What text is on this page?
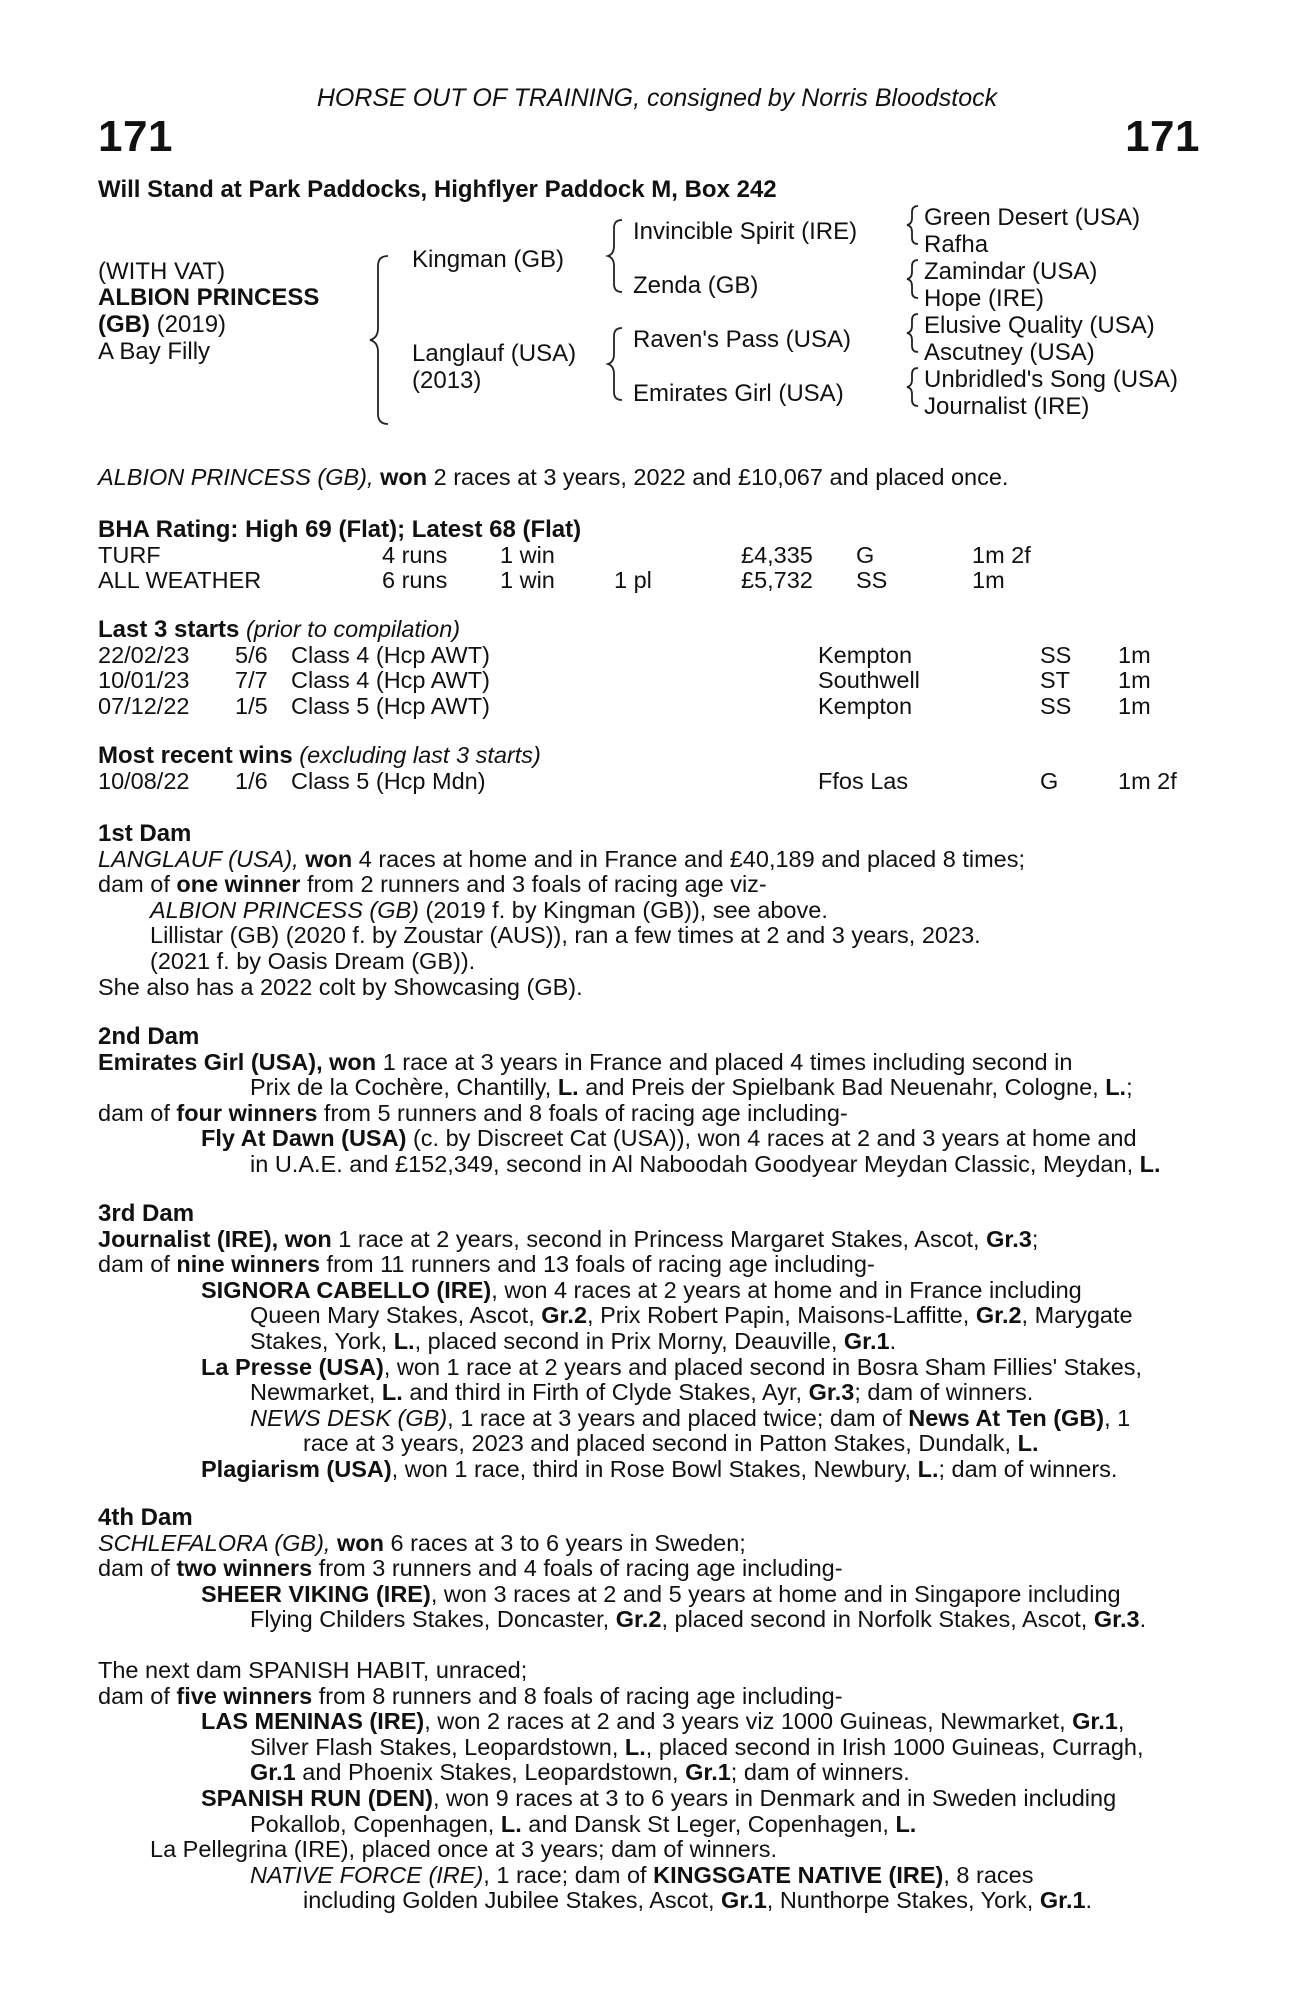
HORSE OUT OF TRAINING, consigned by Norris Bloodstock
171	171
Will Stand at Park Paddocks, Highflyer Paddock M, Box 242
(WITH VAT)
ALBION PRINCESS
(GB) (2019)
A Bay Filly
Kingman (GB)
Langlauf (USA)
(2013)
Invincible Spirit (IRE)
Zenda (GB)
Raven's Pass (USA)
Emirates Girl (USA)
Green Desert (USA)
Rafha
Zamindar (USA)
Hope (IRE)
Elusive Quality (USA)
Ascutney (USA)
Unbridled's Song (USA)
Journalist (IRE)
ALBION PRINCESS (GB), won 2 races at 3 years, 2022 and £10,067 and placed once.
BHA Rating: High 69 (Flat); Latest 68 (Flat)
TURF	4 runs 1 win	£4,335 G	1m 2f
ALL WEATHER	6 runs 1 win	1 pl	£5,732 SS	1m
Last 3 starts (prior to compilation)
22/02/23 5/6 Class 4 (Hcp AWT)	Kempton	SS 1m
10/01/23 7/7 Class 4 (Hcp AWT)	Southwell	ST 1m
07/12/22 1/5 Class 5 (Hcp AWT)	Kempton	SS 1m
Most recent wins (excluding last 3 starts)
10/08/22 1/6 Class 5 (Hcp Mdn)	Ffos Las	G	1m 2f
1st Dam
LANGLAUF (USA), won 4 races at home and in France and £40,189 and placed 8 times;
dam of one winner from 2 runners and 3 foals of racing age viz-
ALBION PRINCESS (GB) (2019 f. by Kingman (GB)), see above.
Lillistar (GB) (2020 f. by Zoustar (AUS)), ran a few times at 2 and 3 years, 2023.
(2021 f. by Oasis Dream (GB)).
She also has a 2022 colt by Showcasing (GB).
2nd Dam
Emirates Girl (USA), won 1 race at 3 years in France and placed 4 times including second in
Prix de la Cochère, Chantilly, L. and Preis der Spielbank Bad Neuenahr, Cologne, L.;
dam of four winners from 5 runners and 8 foals of racing age including-
Fly At Dawn (USA) (c. by Discreet Cat (USA)), won 4 races at 2 and 3 years at home and
in U.A.E. and £152,349, second in Al Naboodah Goodyear Meydan Classic, Meydan, L.
3rd Dam
Journalist (IRE), won 1 race at 2 years, second in Princess Margaret Stakes, Ascot, Gr.3;
dam of nine winners from 11 runners and 13 foals of racing age including-
SIGNORA CABELLO (IRE), won 4 races at 2 years at home and in France including
Queen Mary Stakes, Ascot, Gr.2, Prix Robert Papin, Maisons-Laffitte, Gr.2, Marygate
Stakes, York, L., placed second in Prix Morny, Deauville, Gr.1.
La Presse (USA), won 1 race at 2 years and placed second in Bosra Sham Fillies' Stakes,
Newmarket, L. and third in Firth of Clyde Stakes, Ayr, Gr.3; dam of winners.
NEWS DESK (GB), 1 race at 3 years and placed twice; dam of News At Ten (GB), 1
race at 3 years, 2023 and placed second in Patton Stakes, Dundalk, L.
Plagiarism (USA), won 1 race, third in Rose Bowl Stakes, Newbury, L.; dam of winners.
4th Dam
SCHLEFALORA (GB), won 6 races at 3 to 6 years in Sweden;
dam of two winners from 3 runners and 4 foals of racing age including-
SHEER VIKING (IRE), won 3 races at 2 and 5 years at home and in Singapore including
Flying Childers Stakes, Doncaster, Gr.2, placed second in Norfolk Stakes, Ascot, Gr.3.
The next dam SPANISH HABIT, unraced;
dam of five winners from 8 runners and 8 foals of racing age including-
LAS MENINAS (IRE), won 2 races at 2 and 3 years viz 1000 Guineas, Newmarket, Gr.1,
Silver Flash Stakes, Leopardstown, L., placed second in Irish 1000 Guineas, Curragh,
Gr.1 and Phoenix Stakes, Leopardstown, Gr.1; dam of winners.
SPANISH RUN (DEN), won 9 races at 3 to 6 years in Denmark and in Sweden including
Pokallob, Copenhagen, L. and Dansk St Leger, Copenhagen, L.
La Pellegrina (IRE), placed once at 3 years; dam of winners.
NATIVE FORCE (IRE), 1 race; dam of KINGSGATE NATIVE (IRE), 8 races
including Golden Jubilee Stakes, Ascot, Gr.1, Nunthorpe Stakes, York, Gr.1.
